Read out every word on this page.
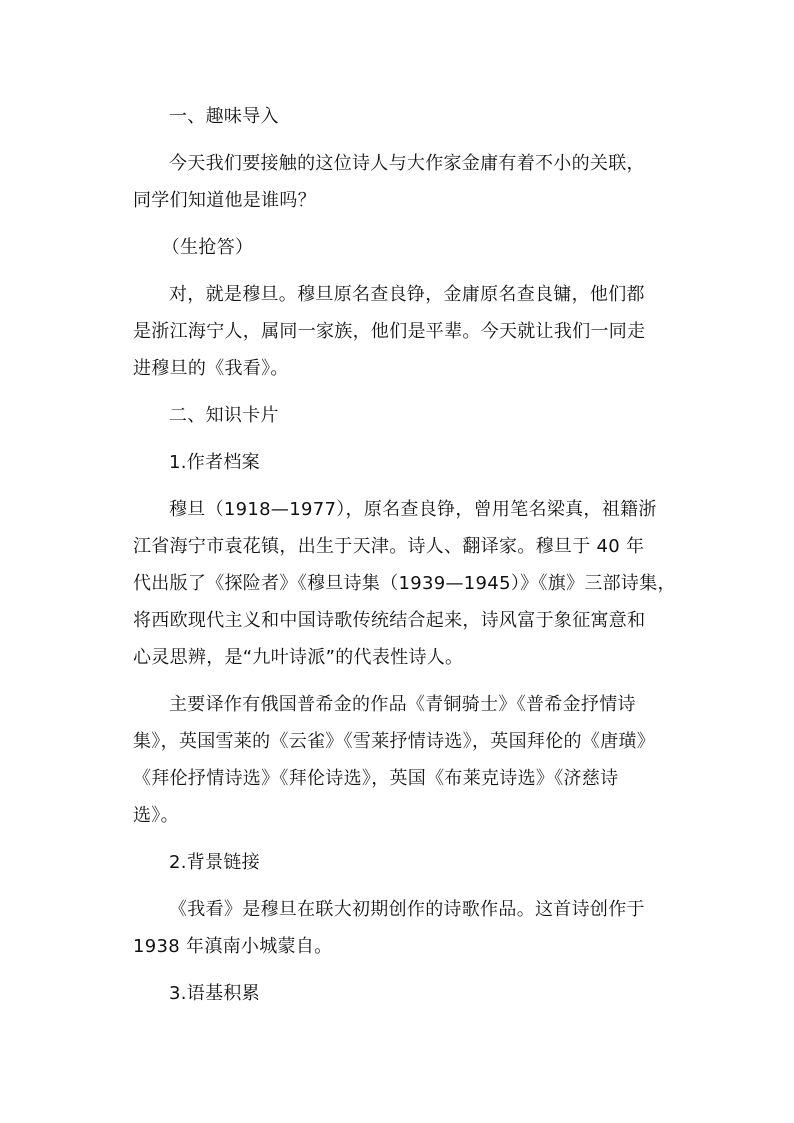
一、趣味导入
今天我们要接触的这位诗人与大作家金庸有着不小的关联，
同学们知道他是谁吗？
（生抢答）
对，就是穆旦。穆旦原名查良铮，金庸原名查良镛，他们都
是浙江海宁人，属同一家族，他们是平辈。今天就让我们一同走
进穆旦的《我看》。
二、知识卡片
1.作者档案
穆旦（1918—1977），原名查良铮，曾用笔名梁真，祖籍浙
江省海宁市袁花镇，出生于天津。诗人、翻译家。穆旦于 40 年
代出版了《探险者》《穆旦诗集（1939—1945）》《旗》三部诗集，
将西欧现代主义和中国诗歌传统结合起来，诗风富于象征寓意和
心灵思辨，是“九叶诗派”的代表性诗人。
主要译作有俄国普希金的作品《青铜骑士》《普希金抒情诗
集》，英国雪莱的《云雀》《雪莱抒情诗选》，英国拜伦的《唐璜》
《拜伦抒情诗选》《拜伦诗选》，英国《布莱克诗选》《济慈诗
选》。
2.背景链接
《我看》是穆旦在联大初期创作的诗歌作品。这首诗创作于
1938 年滇南小城蒙自。
3.语基积累
